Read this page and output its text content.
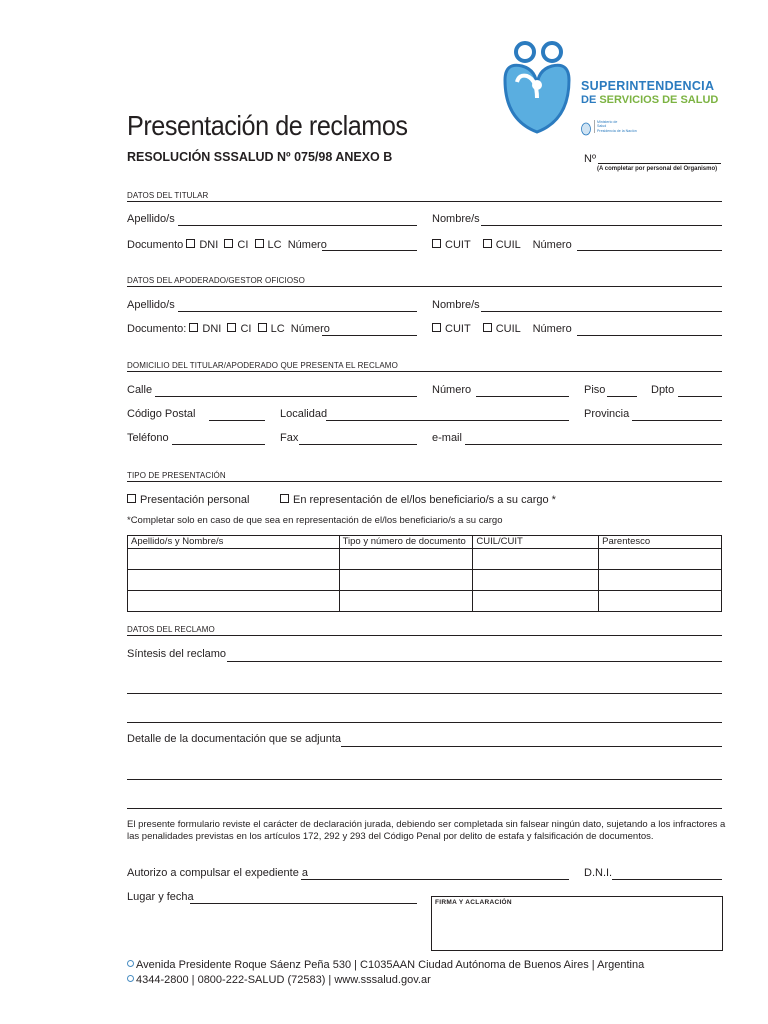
SUPERINTENDENCIA
DE SERVICIOS DE SALUD
Ministerio de
Salud
Presidencia de la Nación
Presentación de reclamos
RESOLUCIÓN SSSALUD Nº 075/98 ANEXO B	Nº
(A completar por personal del Organismo)
DATOS DEL TITULAR
Apellido/s	Nombre/s
Documento DNI CI LC Número	CUIT CUIL Número
DATOS DEL APODERADO/GESTOR OFICIOSO
Apellido/s	Nombre/s
Documento: DNI CI LC Número	CUIT CUIL Número
DOMICILIO DEL TITULAR/APODERADO QUE PRESENTA EL RECLAMO
Calle	Número	Piso	Dpto
Código Postal	Localidad	Provincia
Teléfono	Fax	e-mail
TIPO DE PRESENTACIÓN
Presentación personal	En representación de el/los beneficiario/s a su cargo *
*Completar solo en caso de que sea en representación de el/los beneficiario/s a su cargo
Apellido/s y Nombre/s	Tipo y número de documento	CUIL/CUIT	Parentesco

DATOS DEL RECLAMO
Síntesis del reclamo
Detalle de la documentación que se adjunta
El presente formulario reviste el carácter de declaración jurada, debiendo ser completada sin falsear ningún dato, sujetando a los infractores a las penalidades previstas en los artículos 172, 292 y 293 del Código Penal por delito de estafa y falsificación de documentos.
Autorizo a compulsar el expediente a	D.N.I.
Lugar y fecha	FIRMA Y ACLARACIÓN
Avenida Presidente Roque Sáenz Peña 530 | C1035AAN Ciudad Autónoma de Buenos Aires | Argentina
4344-2800 | 0800-222-SALUD (72583) | www.sssalud.gov.ar
